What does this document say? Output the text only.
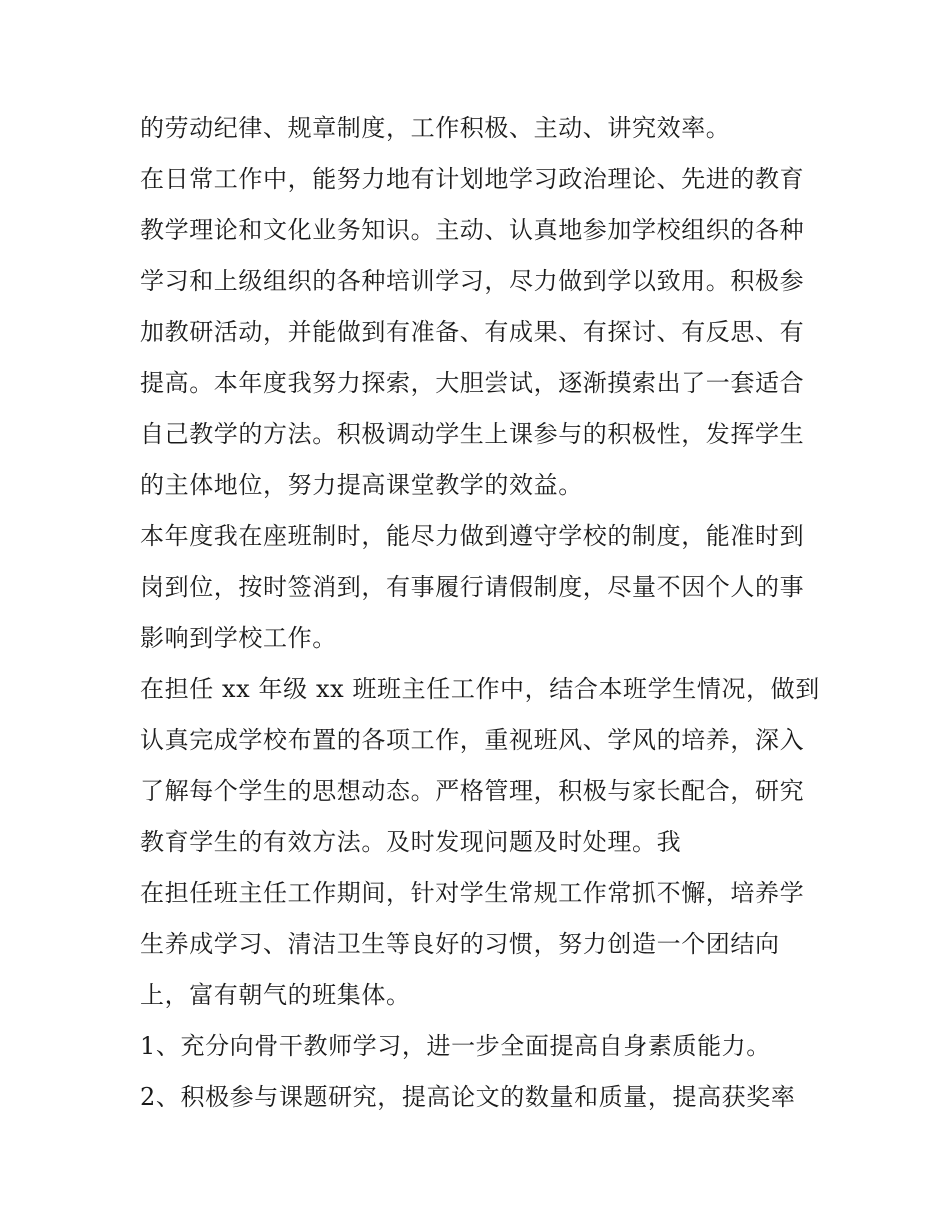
的劳动纪律、规章制度，工作积极、主动、讲究效率。
在日常工作中，能努力地有计划地学习政治理论、先进的教育
教学理论和文化业务知识。主动、认真地参加学校组织的各种
学习和上级组织的各种培训学习，尽力做到学以致用。积极参
加教研活动，并能做到有准备、有成果、有探讨、有反思、有
提高。本年度我努力探索，大胆尝试，逐渐摸索出了一套适合
自己教学的方法。积极调动学生上课参与的积极性，发挥学生
的主体地位，努力提高课堂教学的效益。
本年度我在座班制时，能尽力做到遵守学校的制度，能准时到
岗到位，按时签消到，有事履行请假制度，尽量不因个人的事
影响到学校工作。
在担任 xx 年级 xx 班班主任工作中，结合本班学生情况，做到
认真完成学校布置的各项工作，重视班风、学风的培养，深入
了解每个学生的思想动态。严格管理，积极与家长配合，研究
教育学生的有效方法。及时发现问题及时处理。我
在担任班主任工作期间，针对学生常规工作常抓不懈，培养学
生养成学习、清洁卫生等良好的习惯，努力创造一个团结向
上，富有朝气的班集体。
1、充分向骨干教师学习，进一步全面提高自身素质能力。
2、积极参与课题研究，提高论文的数量和质量，提高获奖率
